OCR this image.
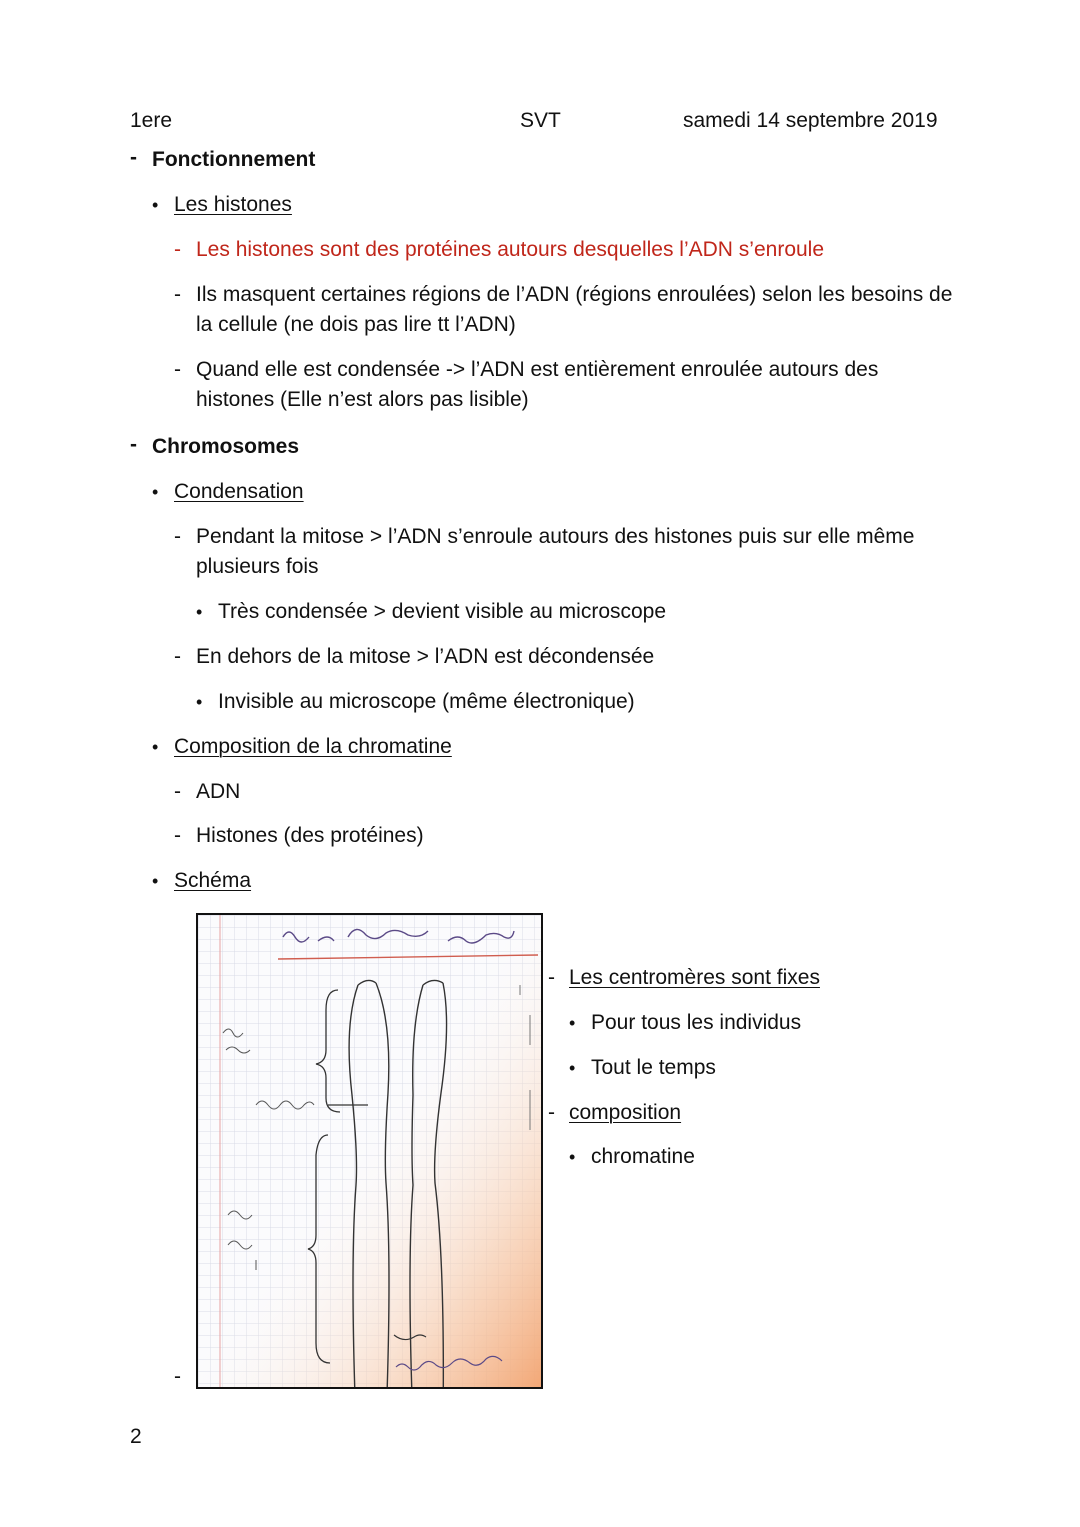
1ere	SVT	samedi 14 septembre 2019
- Fonctionnement
• Les histones
- Les histones sont des protéines autours desquelles l’ADN s’enroule
- Ils masquent certaines régions de l’ADN (régions enroulées) selon les besoins de la cellule (ne dois pas lire tt l’ADN)
- Quand elle est condensée -> l’ADN est entièrement enroulée autours des histones (Elle n’est alors pas lisible)
- Chromosomes
• Condensation
- Pendant la mitose > l’ADN s’enroule autours des histones puis sur elle même plusieurs fois
• Très condensée > devient visible au microscope
- En dehors de la mitose > l’ADN est décondensée
• Invisible au microscope (même électronique)
• Composition de la chromatine
- ADN
- Histones (des protéines)
• Schéma
- Les centromères sont fixes
• Pour tous les individus
• Tout le temps
- composition
• chromatine
-
2
